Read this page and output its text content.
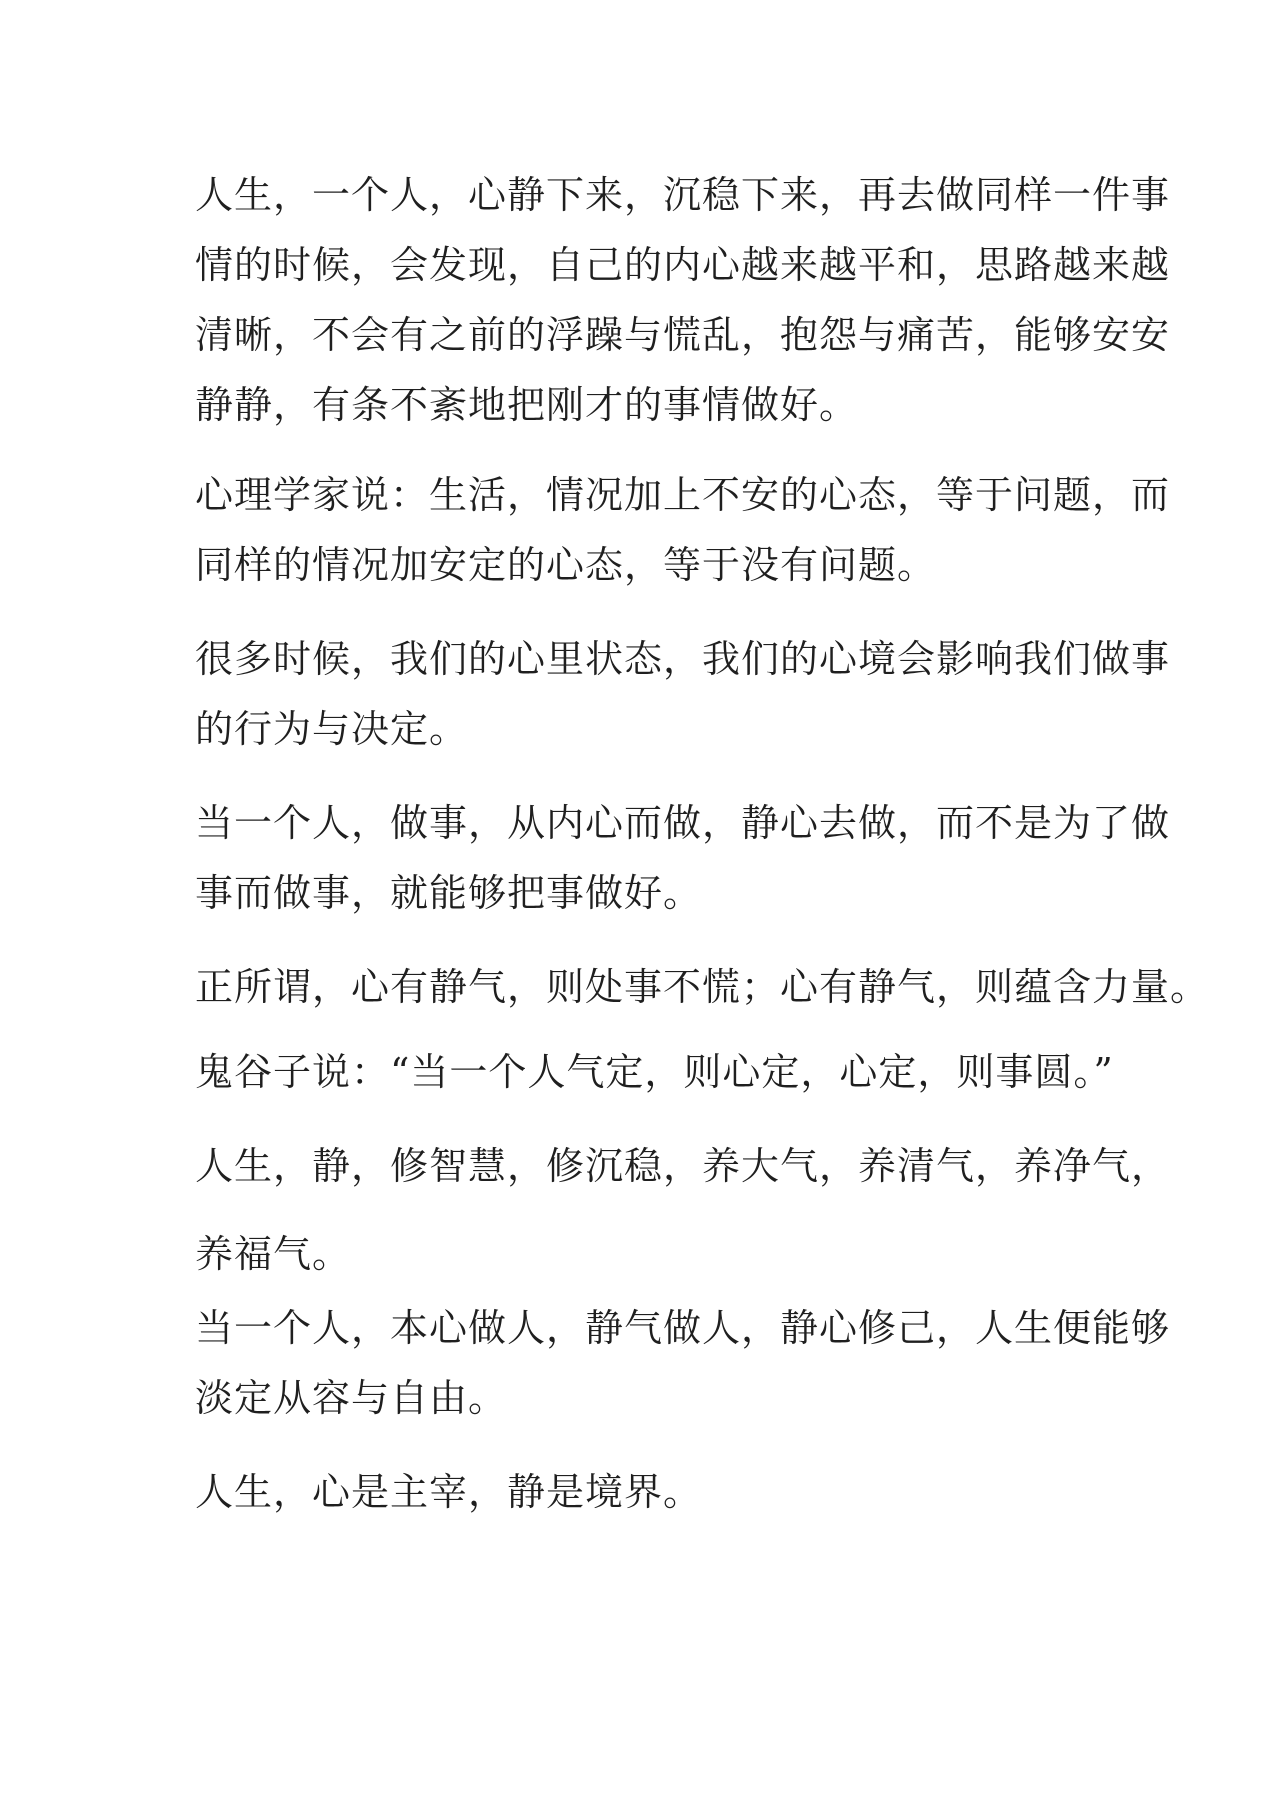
人生，一个人，心静下来，沉稳下来，再去做同样一件事
情的时候，会发现，自己的内心越来越平和，思路越来越
清晰，不会有之前的浮躁与慌乱，抱怨与痛苦，能够安安
静静，有条不紊地把刚才的事情做好。

心理学家说：生活，情况加上不安的心态，等于问题，而
同样的情况加安定的心态，等于没有问题。

很多时候，我们的心里状态，我们的心境会影响我们做事
的行为与决定。

当一个人，做事，从内心而做，静心去做，而不是为了做
事而做事，就能够把事做好。

正所谓，心有静气，则处事不慌；心有静气，则蕴含力量。

鬼谷子说：“当一个人气定，则心定，心定，则事圆。”

人生，静，修智慧，修沉稳，养大气，养清气，养净气，
养福气。

当一个人，本心做人，静气做人，静心修己，人生便能够
淡定从容与自由。

人生，心是主宰，静是境界。
